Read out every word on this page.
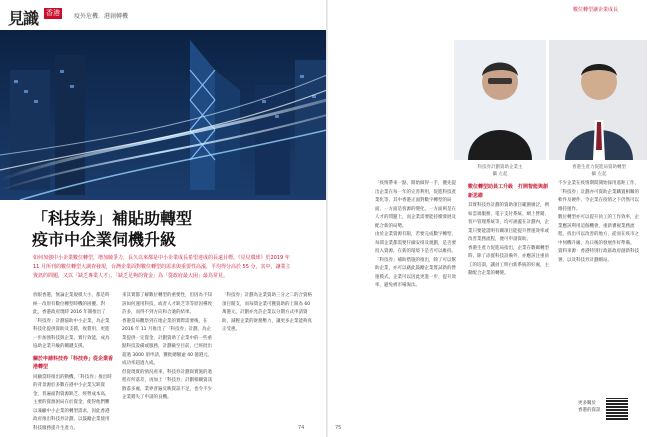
見識 香港	疫外危機．港創轉機
「科技券」補貼助轉型
疫市中企業伺機升級
如何加強中小企業數位轉型，增加競爭力，長久以來都是中小企業成長希望達成的長遠目標。《見見環球》於2019 年 11 月所刊的數位轉型大調查發現，台灣企業面對數位轉型的需求與重要性高漲，平均得分高於 55 分，其中，讓業主資訊的問題，又以「缺乏專業人才」、「缺乏足夠的資金」為「從政府最大困」最為常見。
放眼香港，無論企業規模大小，都是時候一改原有數位轉型時機的困擾。對此，香港政府現時 2016 年開推出了「科技券」計劃協助中小企業，為企業科技化提供資助及支援，收費用、更進一步加強科技與企業、實行效能，成為協助企業升級的關鍵支援。
關於申請科技券「科技券」從企業香港轉型
回顧當時推出的動機，「科技券」推出時的背景源於多數在港中小企業欠缺資金，普遍面對資源缺乏、經營成本高，主要的資源困局在於資金，使得他們難以兼顧中小企業的轉型需求，因此香港政府推出科技券計劃，以鼓勵企業使用科技服務提升生產力。
來其實都了解數位轉型的重要性，但因為不知該如何運用科技，或者人才缺乏等等原因導致許多，而得不到方向和合適的結果。
香港當局觀察到在地企業的實際需要後，在 2016 年 11 月推出了「科技券」計劃，為企業提供一定資金，計劃資助了企業中的一些重點科技設備或服務，計劃截至目前，已經批出超過 3000 項申請，獲批總額逾 40 億港元，成功率超過九成。
但從現實的情況看來，科技券計劃與實施的過程有所落差，再加上「科技券」計劃相關資訊散落多處，業界普遍反映資訊不足，也令不少企業錯失了申請的良機。
「科技券」計劃為企業資助三分之二的合資格項目開支，而每間企業可獲資助的上限為 60 萬港元，計劃亦允許企業以分期方式申請資助，減輕企業的財務壓力，讓更多企業能夠真正受惠。
74
數位轉型讓企業成長
科技券計劃資助企業主
攝 左起
香港生產力促進局資助轉型
攝 左起
「疫情帶來一點，開始做得一手，優先提出企業在每一年的完善利用，促進科技產業化等，其中香港正面對數字轉型的局面，一方面是客源的變化，一方面則是在人才的問題上，而企業需要能持續發展及配合新的局勢。
由於企業資源有限，若要完成數字轉型，每間企業都需要仔細安排及規劃，是否要投入資源，在新的環境下是否可以維持。
「科技券」補助措施的推出，除了可以幫助企業，亦可以藉此鼓勵企業嘗試新的營運模式，企業可以因此更進一步、提升效率，避免被市場淘汰。
數位轉型助員工升級　打開智能與創新思維
其實科技券計劃的資助項目範圍廣泛，例如雲端服務、電子支付系統、網上營銷、客戶管理系統等，均可涵蓋在計劃內，企業只要能證明有關項目能提升營運效率或改善業務流程，便可申請資助。
香港生產力促進局指出，企業在數碼轉型時，除了添置科技設備外，亦應該注重員工的培訓，讓員工明白新系統的好處，主動配合企業的轉變。
不少企業在疫情期間開始採用遙距工作，「科技券」計劃亦可資助企業購置相關的軟件及硬件，令企業在疫情之下仍然可以維持運作。
數位轉型亦可以提升員工的工作效率，企業應該利用這個機會，重新審視業務流程，找出可以改善的地方，從而在疫市之中伺機升級，為日後的發展作好準備。
資料來源：香港特別行政區政府創新科技署，以及科技券計劃網站。
更多關於
香港的資訊
75
